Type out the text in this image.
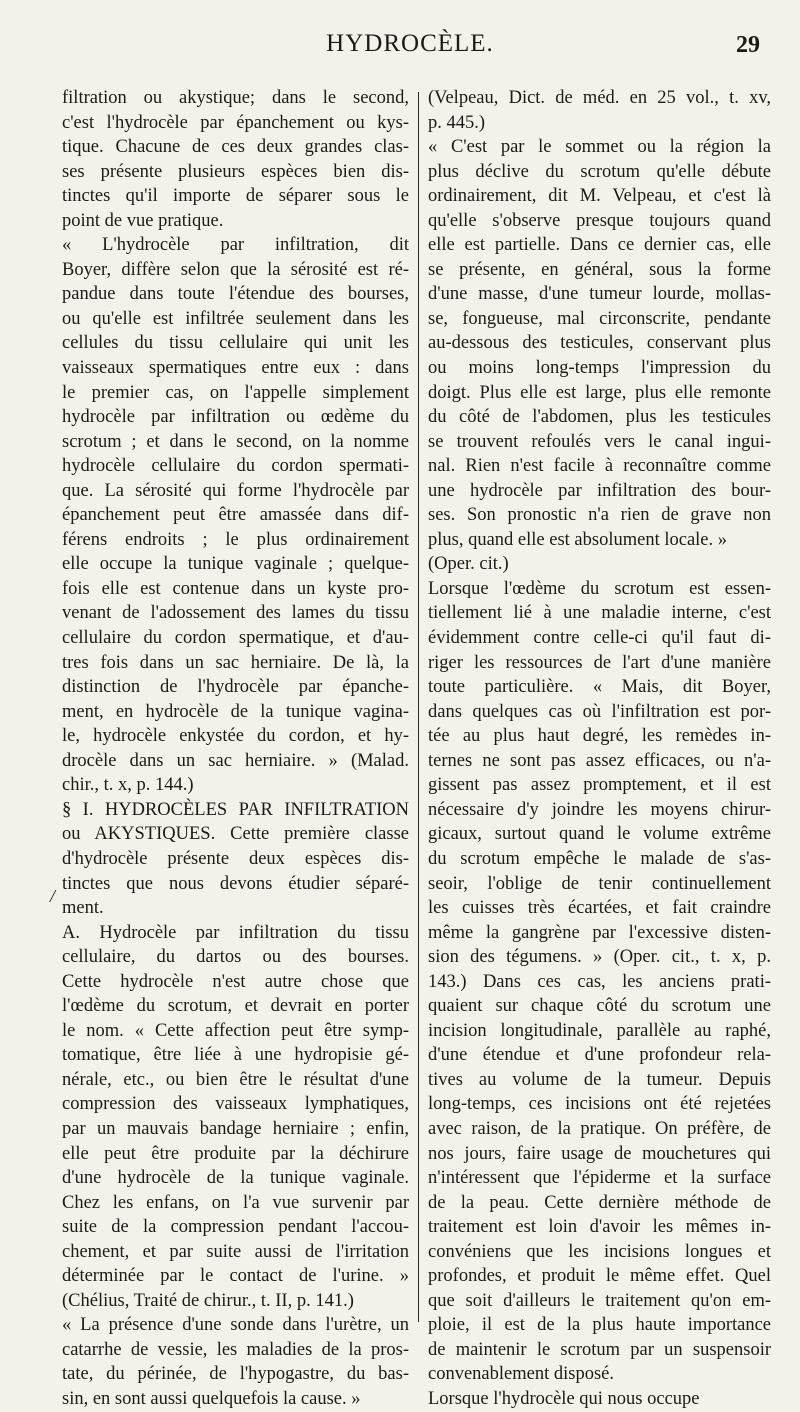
HYDROCÈLE.	29
/
filtration ou akystique; dans le second,
c'est l'hydrocèle par épanchement ou kys-
tique. Chacune de ces deux grandes clas-
ses présente plusieurs espèces bien dis-
tinctes qu'il importe de séparer sous le
point de vue pratique.
« L'hydrocèle par infiltration, dit
Boyer, diffère selon que la sérosité est ré-
pandue dans toute l'étendue des bourses,
ou qu'elle est infiltrée seulement dans les
cellules du tissu cellulaire qui unit les
vaisseaux spermatiques entre eux : dans
le premier cas, on l'appelle simplement
hydrocèle par infiltration ou œdème du
scrotum ; et dans le second, on la nomme
hydrocèle cellulaire du cordon spermati-
que. La sérosité qui forme l'hydrocèle par
épanchement peut être amassée dans dif-
férens endroits ; le plus ordinairement
elle occupe la tunique vaginale ; quelque-
fois elle est contenue dans un kyste pro-
venant de l'adossement des lames du tissu
cellulaire du cordon spermatique, et d'au-
tres fois dans un sac herniaire. De là, la
distinction de l'hydrocèle par épanche-
ment, en hydrocèle de la tunique vagina-
le, hydrocèle enkystée du cordon, et hy-
drocèle dans un sac herniaire. » (Malad.
chir., t. x, p. 144.)
§ I. HYDROCÈLES PAR INFILTRATION
ou AKYSTIQUES. Cette première classe
d'hydrocèle présente deux espèces dis-
tinctes que nous devons étudier séparé-
ment.
A. Hydrocèle par infiltration du tissu
cellulaire, du dartos ou des bourses.
Cette hydrocèle n'est autre chose que
l'œdème du scrotum, et devrait en porter
le nom. « Cette affection peut être symp-
tomatique, être liée à une hydropisie gé-
nérale, etc., ou bien être le résultat d'une
compression des vaisseaux lymphatiques,
par un mauvais bandage herniaire ; enfin,
elle peut être produite par la déchirure
d'une hydrocèle de la tunique vaginale.
Chez les enfans, on l'a vue survenir par
suite de la compression pendant l'accou-
chement, et par suite aussi de l'irritation
déterminée par le contact de l'urine. »
(Chélius, Traité de chirur., t. II, p. 141.)
« La présence d'une sonde dans l'urètre, un
catarrhe de vessie, les maladies de la pros-
tate, du périnée, de l'hypogastre, du bas-
sin, en sont aussi quelquefois la cause. »
(Velpeau, Dict. de méd. en 25 vol., t. xv,
p. 445.)
« C'est par le sommet ou la région la
plus déclive du scrotum qu'elle débute
ordinairement, dit M. Velpeau, et c'est là
qu'elle s'observe presque toujours quand
elle est partielle. Dans ce dernier cas, elle
se présente, en général, sous la forme
d'une masse, d'une tumeur lourde, mollas-
se, fongueuse, mal circonscrite, pendante
au-dessous des testicules, conservant plus
ou moins long-temps l'impression du
doigt. Plus elle est large, plus elle remonte
du côté de l'abdomen, plus les testicules
se trouvent refoulés vers le canal ingui-
nal. Rien n'est facile à reconnaître comme
une hydrocèle par infiltration des bour-
ses. Son pronostic n'a rien de grave non
plus, quand elle est absolument locale. »
(Oper. cit.)
Lorsque l'œdème du scrotum est essen-
tiellement lié à une maladie interne, c'est
évidemment contre celle-ci qu'il faut di-
riger les ressources de l'art d'une manière
toute particulière. « Mais, dit Boyer,
dans quelques cas où l'infiltration est por-
tée au plus haut degré, les remèdes in-
ternes ne sont pas assez efficaces, ou n'a-
gissent pas assez promptement, et il est
nécessaire d'y joindre les moyens chirur-
gicaux, surtout quand le volume extrême
du scrotum empêche le malade de s'as-
seoir, l'oblige de tenir continuellement
les cuisses très écartées, et fait craindre
même la gangrène par l'excessive disten-
sion des tégumens. » (Oper. cit., t. x, p.
143.) Dans ces cas, les anciens prati-
quaient sur chaque côté du scrotum une
incision longitudinale, parallèle au raphé,
d'une étendue et d'une profondeur rela-
tives au volume de la tumeur. Depuis
long-temps, ces incisions ont été rejetées
avec raison, de la pratique. On préfère, de
nos jours, faire usage de mouchetures qui
n'intéressent que l'épiderme et la surface
de la peau. Cette dernière méthode de
traitement est loin d'avoir les mêmes in-
convéniens que les incisions longues et
profondes, et produit le même effet. Quel
que soit d'ailleurs le traitement qu'on em-
ploie, il est de la plus haute importance
de maintenir le scrotum par un suspensoir
convenablement disposé.
Lorsque l'hydrocèle qui nous occupe
